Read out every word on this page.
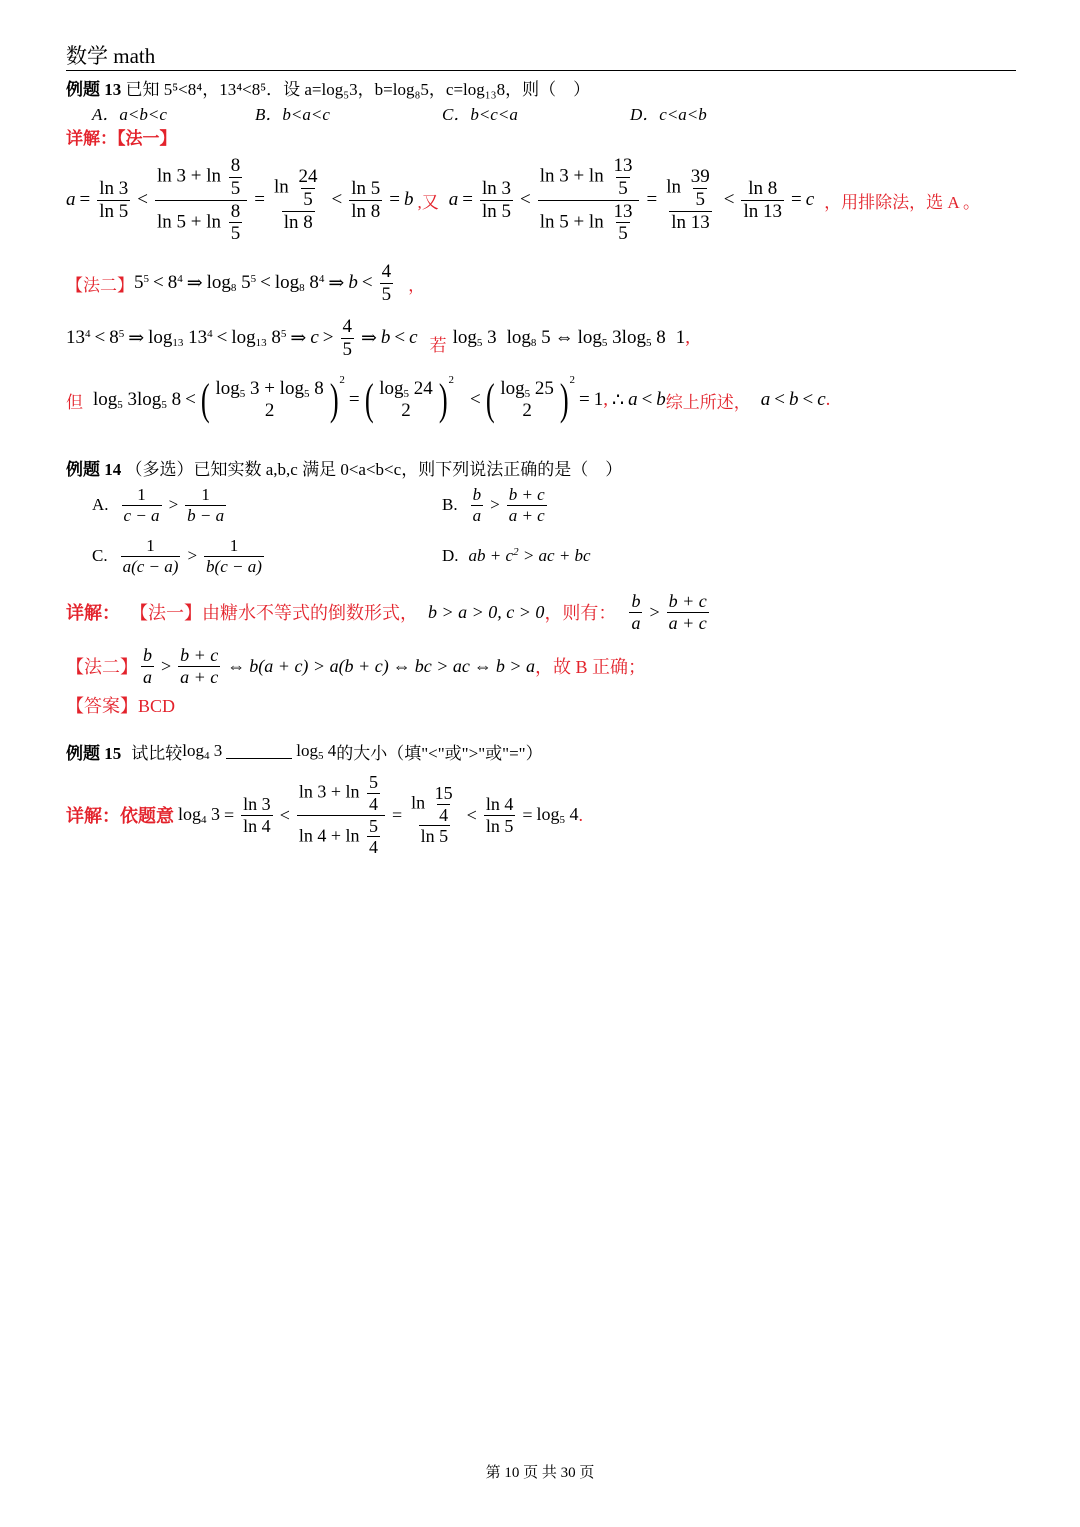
数学 math
例题 13 已知 5⁵<8⁴，13⁴<8⁵．设 a=log₅3，b=log₈5，c=log₁₃8，则（　）
A．a<b<c	B．b<a<c	C．b<c<a	D．c<a<b
详解：【法一】
$a = \frac{\ln 3}{\ln 5} < \frac{\ln 3 + \ln \frac{8}{5}}{\ln 5 + \ln \frac{8}{5}} = \frac{\ln \frac{24}{5}}{\ln 8} < \frac{\ln 5}{\ln 8} = b$ ,又 $a = \frac{\ln 3}{\ln 5} < \frac{\ln 3 + \ln \frac{13}{5}}{\ln 5 + \ln \frac{13}{5}} = \frac{\ln \frac{39}{5}}{\ln 13} < \frac{\ln 8}{\ln 13} = c$ ，用排除法，选 A 。
【法二】 $5^5 < 8^4$ ⇒ $\log_8 5^5 < \log_8 8^4$ ⇒ $b < \frac{4}{5}$ ，
$13^4 < 8^5$ ⇒ $\log_{13} 13^4 < \log_{13} 8^5$ ⇒ $c > \frac{4}{5}$ ⇒ b < c 若 $\log_5 3$ $\log_8 5$ ⇔ $\log_5 3\log_5$ 8 1 ,
但 $\log_5 3\log_5$ 8 < ( $\log_5 3 + \log_5 8$
2 )$^2$
= ( $\log_5 24$
2 )$^2$
< ( $\log_5 25$
2 )$^2$
= 1 , ∴ a < b 综上所述， a < b < c .
例题 14 （多选）已知实数 a,b,c 满足 0<a<b<c，则下列说法正确的是（　）
A. $\frac{1}{c - a} > \frac{1}{b - a}$	B. $\frac{b}{a} > \frac{b + c}{a + c}$
C. $\frac{1}{a(c - a)} > \frac{1}{b(c - a)}$	D. ab + $c^2$ > ac + bc
详解： 【法一】由糖水不等式的倒数形式， b > a > 0, c > 0 ，则有： $\frac{b}{a} > \frac{b + c}{a + c}$
【法二】 $\frac{b}{a} > \frac{b + c}{a + c}$ ⇔ b(a + c) > a(b + c) ⇔ bc > ac ⇔ b > a ，故 B 正确；
【答案】BCD
例题 15 试比较 $\log_4 3$	$\log_5 4$ 的大小（填"<"或">"或"="）
详解：依题意 $\log_4 3 = \frac{\ln 3}{\ln 4} < \frac{\ln 3 + \ln \frac{5}{4}}{\ln 4 + \ln \frac{5}{4}} = \frac{\ln \frac{15}{4}}{\ln 5} < \frac{\ln 4}{\ln 5} = \log_5 4$ .
第 10 页 共 30 页
